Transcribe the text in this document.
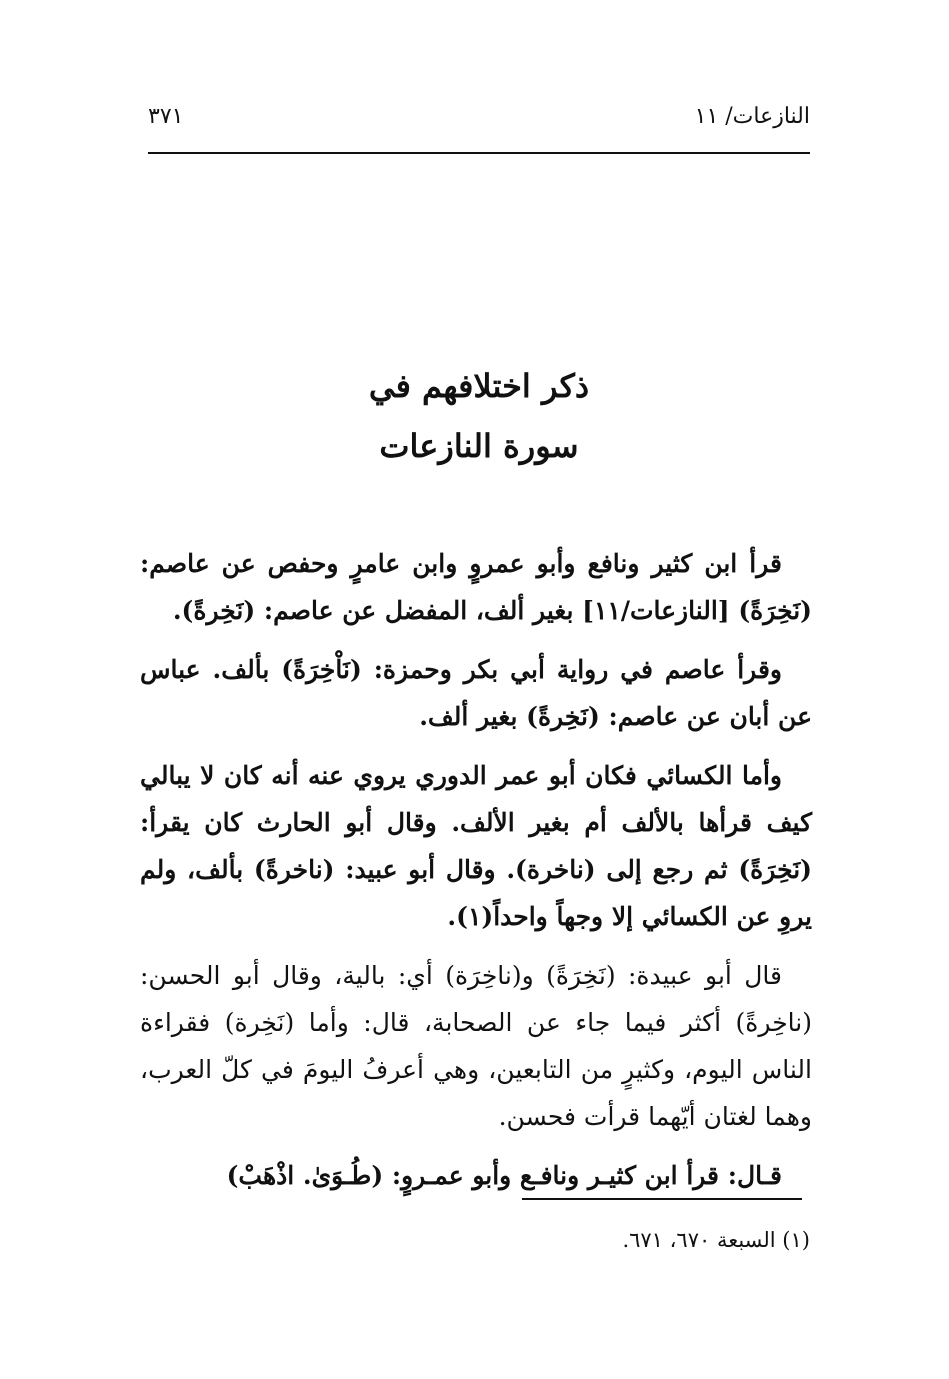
النازعات/ ١١
٣٧١
ذكر اختلافهم في
سورة النازعات

قرأ ابن كثير ونافع وأبو عمروٍ وابن عامرٍ وحفص عن عاصم: (نَخِرَةً) [النازعات/١١] بغير ألف، المفضل عن عاصم: (نَخِرةً).

وقرأ عاصم في رواية أبي بكر وحمزة: (نَاْخِرَةً) بألف. عباس عن أبان عن عاصم: (نَخِرةً) بغير ألف.

وأما الكسائي فكان أبو عمر الدوري يروي عنه أنه كان لا يبالي كيف قرأها بالألف أم بغير الألف. وقال أبو الحارث كان يقرأ: (نَخِرَةً) ثم رجع إلى (ناخرة). وقال أبو عبيد: (ناخرةً) بألف، ولم يروِ عن الكسائي إلا وجهاً واحداً(١).

قال أبو عبيدة: (نَخِرَةً) و(ناخِرَة) أي: بالية، وقال أبو الحسن: (ناخِرةً) أكثر فيما جاء عن الصحابة، قال: وأما (نَخِرة) فقراءة الناس اليوم، وكثيرٍ من التابعين، وهي أعرفُ اليومَ في كلّ العرب، وهما لغتان أيّهما قرأت فحسن.

قـال: قرأ ابن كثيـر ونافـع وأبو عمـروٍ: (طُـوَىٰ. اذْهَبْ)

(١) السبعة ٦٧٠، ٦٧١.
